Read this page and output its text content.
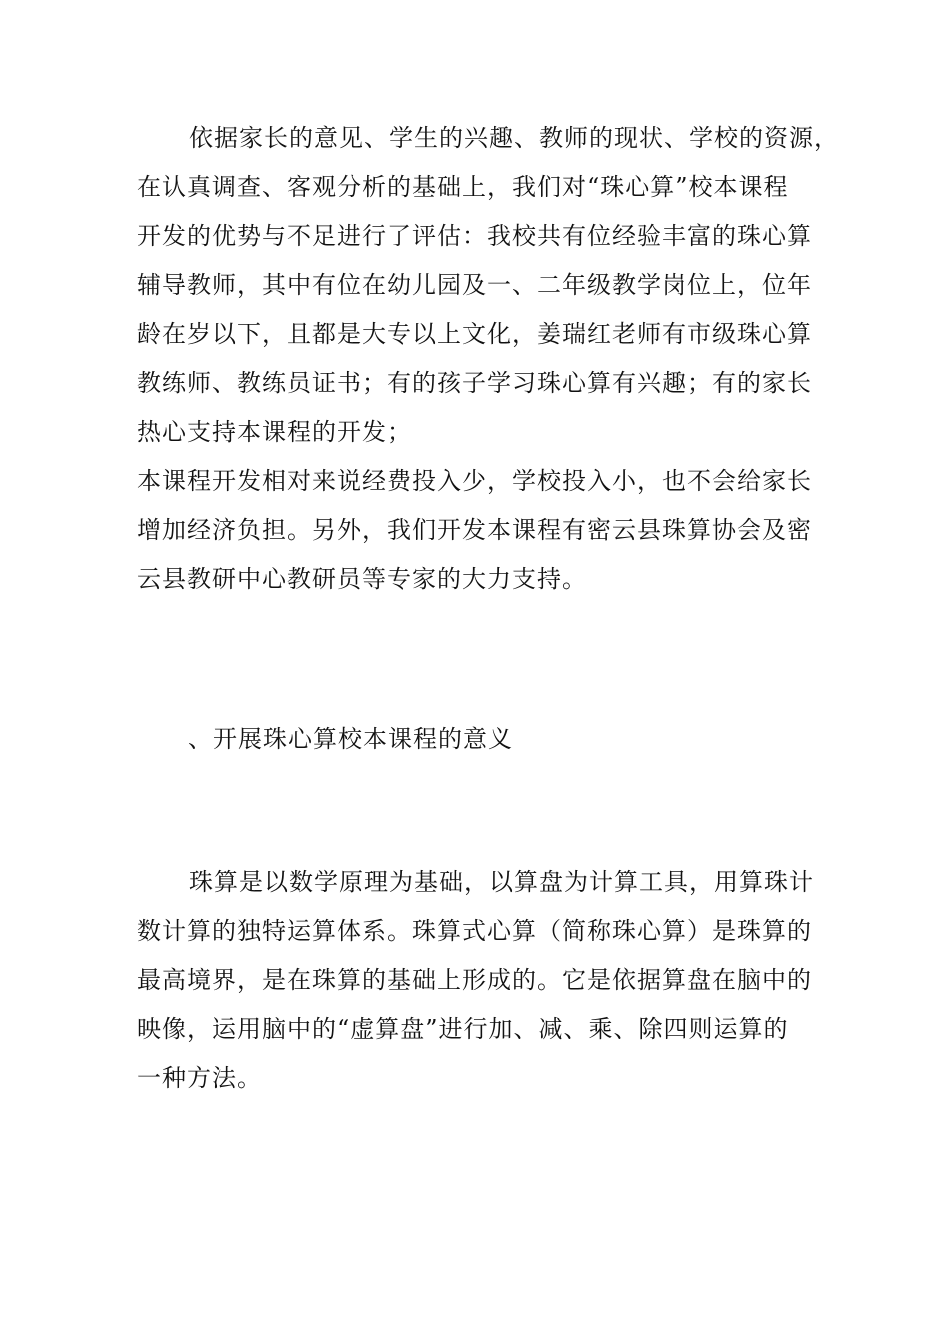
依据家长的意见、学生的兴趣、教师的现状、学校的资源，
在认真调查、客观分析的基础上，我们对“珠心算”校本课程
开发的优势与不足进行了评估：我校共有位经验丰富的珠心算
辅导教师，其中有位在幼儿园及一、二年级教学岗位上，位年
龄在岁以下，且都是大专以上文化，姜瑞红老师有市级珠心算
教练师、教练员证书；有的孩子学习珠心算有兴趣；有的家长
热心支持本课程的开发；
本课程开发相对来说经费投入少，学校投入小，也不会给家长
增加经济负担。另外，我们开发本课程有密云县珠算协会及密
云县教研中心教研员等专家的大力支持。
、开展珠心算校本课程的意义
珠算是以数学原理为基础，以算盘为计算工具，用算珠计
数计算的独特运算体系。珠算式心算（简称珠心算）是珠算的
最高境界，是在珠算的基础上形成的。它是依据算盘在脑中的
映像，运用脑中的“虚算盘”进行加、减、乘、除四则运算的
一种方法。
